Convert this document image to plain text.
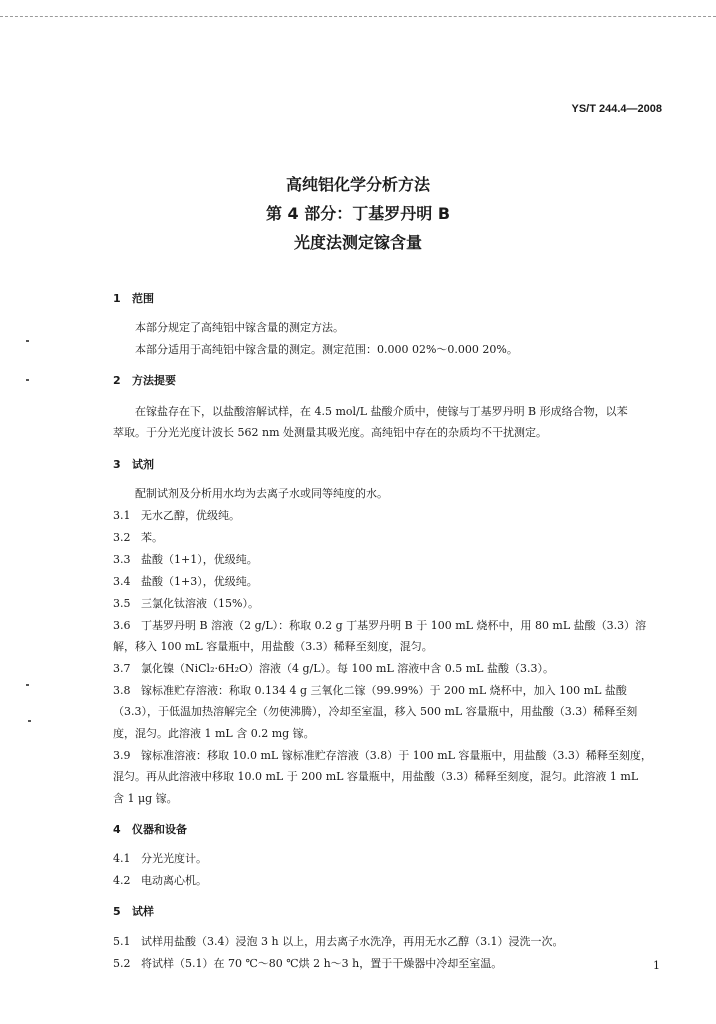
YS/T 244.4—2008
高纯铝化学分析方法
第 4 部分：丁基罗丹明 B
光度法测定镓含量
1 范围
本部分规定了高纯铝中镓含量的测定方法。
本部分适用于高纯铝中镓含量的测定。测定范围：0.000 02%～0.000 20%。
2 方法提要
在镓盐存在下，以盐酸溶解试样，在 4.5 mol/L 盐酸介质中，使镓与丁基罗丹明 B 形成络合物，以苯
萃取。于分光光度计波长 562 nm 处测量其吸光度。高纯铝中存在的杂质均不干扰测定。
3 试剂
配制试剂及分析用水均为去离子水或同等纯度的水。
3.1 无水乙醇，优级纯。
3.2 苯。
3.3 盐酸（1+1），优级纯。
3.4 盐酸（1+3），优级纯。
3.5 三氯化钛溶液（15%）。
3.6 丁基罗丹明 B 溶液（2 g/L）：称取 0.2 g 丁基罗丹明 B 于 100 mL 烧杯中，用 80 mL 盐酸（3.3）溶
解，移入 100 mL 容量瓶中，用盐酸（3.3）稀释至刻度，混匀。
3.7 氯化镍（NiCl₂·6H₂O）溶液（4 g/L）。每 100 mL 溶液中含 0.5 mL 盐酸（3.3）。
3.8 镓标准贮存溶液：称取 0.134 4 g 三氧化二镓（99.99%）于 200 mL 烧杯中，加入 100 mL 盐酸
（3.3），于低温加热溶解完全（勿使沸腾），冷却至室温，移入 500 mL 容量瓶中，用盐酸（3.3）稀释至刻
度，混匀。此溶液 1 mL 含 0.2 mg 镓。
3.9 镓标准溶液：移取 10.0 mL 镓标准贮存溶液（3.8）于 100 mL 容量瓶中，用盐酸（3.3）稀释至刻度，
混匀。再从此溶液中移取 10.0 mL 于 200 mL 容量瓶中，用盐酸（3.3）稀释至刻度，混匀。此溶液 1 mL
含 1 μg 镓。
4 仪器和设备
4.1 分光光度计。
4.2 电动离心机。
5 试样
5.1 试样用盐酸（3.4）浸泡 3 h 以上，用去离子水洗净，再用无水乙醇（3.1）浸洗一次。
5.2 将试样（5.1）在 70 ℃～80 ℃烘 2 h～3 h，置于干燥器中冷却至室温。	1
